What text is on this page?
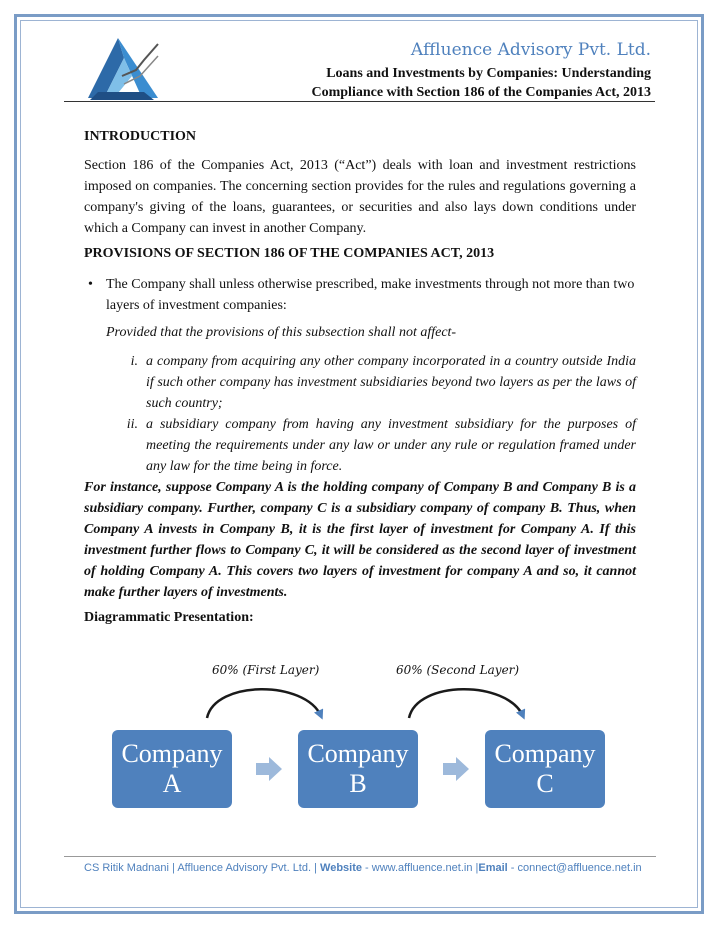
Affluence Advisory Pvt. Ltd.
Loans and Investments by Companies: Understanding
Compliance with Section 186 of the Companies Act, 2013
INTRODUCTION
Section 186 of the Companies Act, 2013 (“Act”) deals with loan and investment restrictions imposed on companies. The concerning section provides for the rules and regulations governing a company's giving of the loans, guarantees, or securities and also lays down conditions under which a Company can invest in another Company.
PROVISIONS OF SECTION 186 OF THE COMPANIES ACT, 2013
• The Company shall unless otherwise prescribed, make investments through not more than two layers of investment companies:
Provided that the provisions of this subsection shall not affect-
i. a company from acquiring any other company incorporated in a country outside India if such other company has investment subsidiaries beyond two layers as per the laws of such country;
ii. a subsidiary company from having any investment subsidiary for the purposes of meeting the requirements under any law or under any rule or regulation framed under any law for the time being in force.
For instance, suppose Company A is the holding company of Company B and Company B is a subsidiary company. Further, company C is a subsidiary company of company B. Thus, when Company A invests in Company B, it is the first layer of investment for Company A. If this investment further flows to Company C, it will be considered as the second layer of investment of holding Company A. This covers two layers of investment for company A and so, it cannot make further layers of investments.
Diagrammatic Presentation:
60% (First Layer)	60% (Second Layer)
Company
A
Company
B
Company
C
CS Ritik Madnani | Affluence Advisory Pvt. Ltd. | Website - www.affluence.net.in |Email - connect@affluence.net.in
